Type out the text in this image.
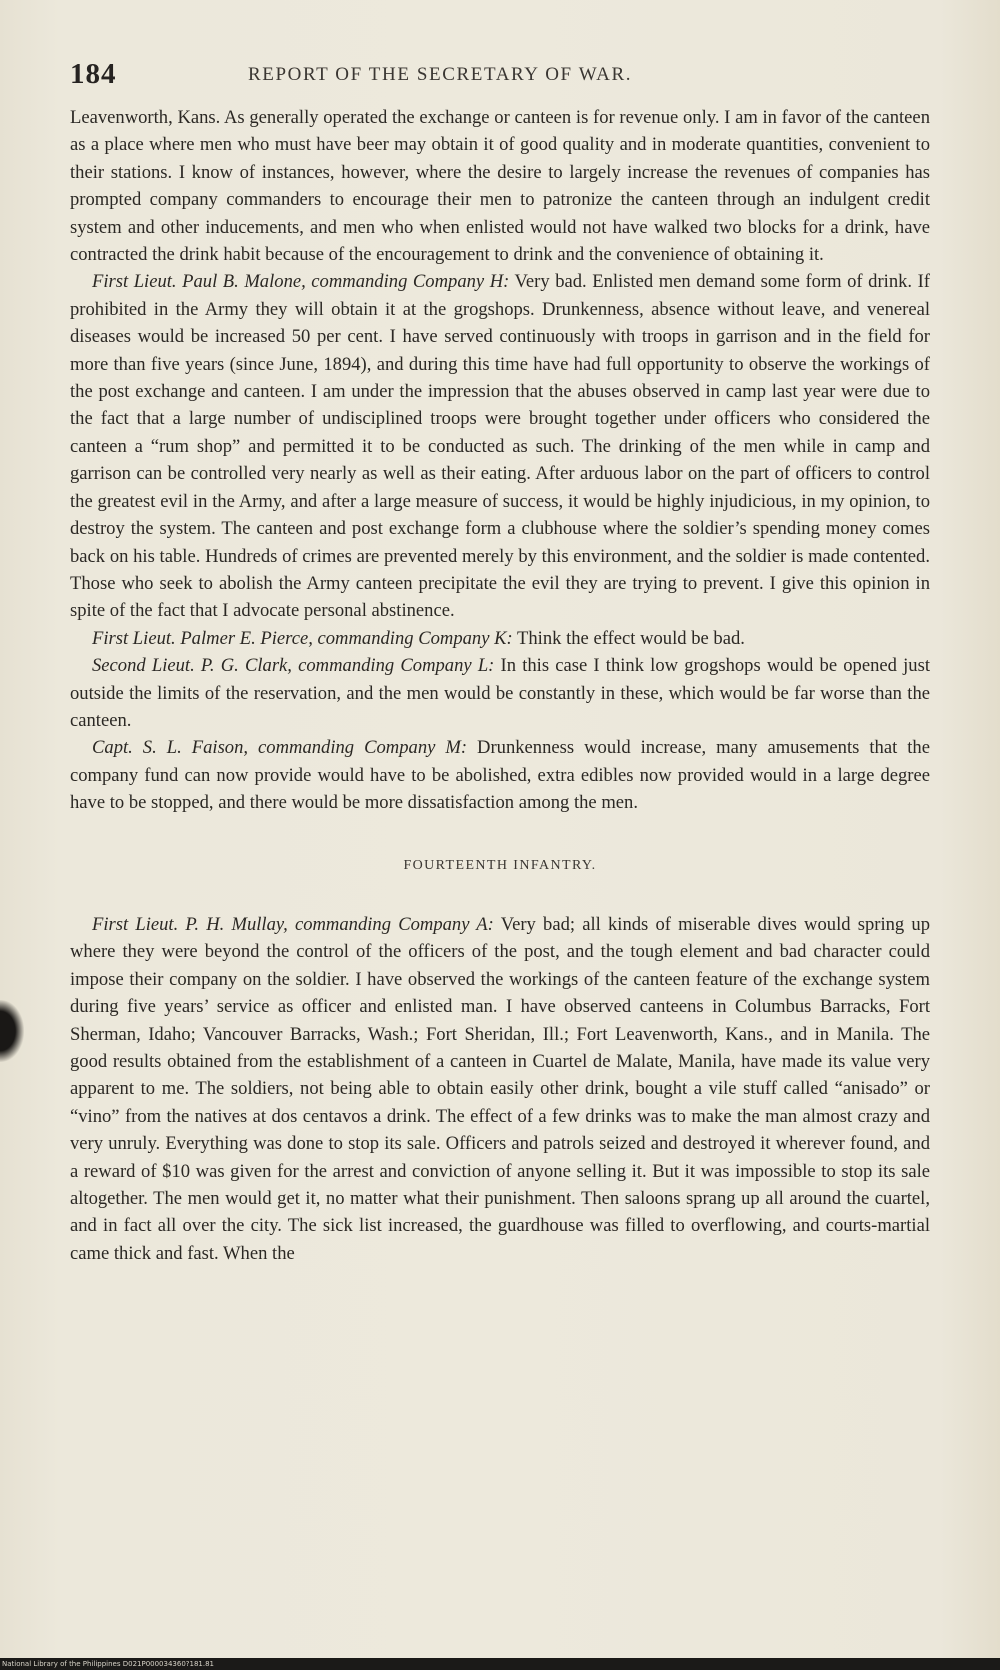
184	REPORT OF THE SECRETARY OF WAR.

Leavenworth, Kans. As generally operated the exchange or canteen is for revenue only. I am in favor of the canteen as a place where men who must have beer may obtain it of good quality and in moderate quantities, convenient to their stations. I know of instances, however, where the desire to largely increase the revenues of companies has prompted company commanders to encourage their men to patronize the canteen through an indulgent credit system and other inducements, and men who when enlisted would not have walked two blocks for a drink, have contracted the drink habit because of the encouragement to drink and the convenience of obtaining it.

First Lieut. Paul B. Malone, commanding Company H: Very bad. Enlisted men demand some form of drink. If prohibited in the Army they will obtain it at the grogshops. Drunkenness, absence without leave, and venereal diseases would be increased 50 per cent. I have served continuously with troops in garrison and in the field for more than five years (since June, 1894), and during this time have had full opportunity to observe the workings of the post exchange and canteen. I am under the impression that the abuses observed in camp last year were due to the fact that a large number of undisciplined troops were brought together under officers who considered the canteen a “rum shop” and permitted it to be conducted as such. The drinking of the men while in camp and garrison can be controlled very nearly as well as their eating. After arduous labor on the part of officers to control the greatest evil in the Army, and after a large measure of success, it would be highly injudicious, in my opinion, to destroy the system. The canteen and post exchange form a clubhouse where the soldier’s spending money comes back on his table. Hundreds of crimes are prevented merely by this environment, and the soldier is made contented. Those who seek to abolish the Army canteen precipitate the evil they are trying to prevent. I give this opinion in spite of the fact that I advocate personal abstinence.

First Lieut. Palmer E. Pierce, commanding Company K: Think the effect would be bad.

Second Lieut. P. G. Clark, commanding Company L: In this case I think low grogshops would be opened just outside the limits of the reservation, and the men would be constantly in these, which would be far worse than the canteen.

Capt. S. L. Faison, commanding Company M: Drunkenness would increase, many amusements that the company fund can now provide would have to be abolished, extra edibles now provided would in a large degree have to be stopped, and there would be more dissatisfaction among the men.

FOURTEENTH INFANTRY.

First Lieut. P. H. Mullay, commanding Company A: Very bad; all kinds of miserable dives would spring up where they were beyond the control of the officers of the post, and the tough element and bad character could impose their company on the soldier. I have observed the workings of the canteen feature of the exchange system during five years’ service as officer and enlisted man. I have observed canteens in Columbus Barracks, Fort Sherman, Idaho; Vancouver Barracks, Wash.; Fort Sheridan, Ill.; Fort Leavenworth, Kans., and in Manila. The good results obtained from the establishment of a canteen in Cuartel de Malate, Manila, have made its value very apparent to me. The soldiers, not being able to obtain easily other drink, bought a vile stuff called “anisado” or “vino” from the natives at dos centavos a drink. The effect of a few drinks was to make the man almost crazy and very unruly. Everything was done to stop its sale. Officers and patrols seized and destroyed it wherever found, and a reward of $10 was given for the arrest and conviction of anyone selling it. But it was impossible to stop its sale altogether. The men would get it, no matter what their punishment. Then saloons sprang up all around the cuartel, and in fact all over the city. The sick list increased, the guardhouse was filled to overflowing, and courts-martial came thick and fast. When the

National Library of the Philippines D021P000034360?181.81
